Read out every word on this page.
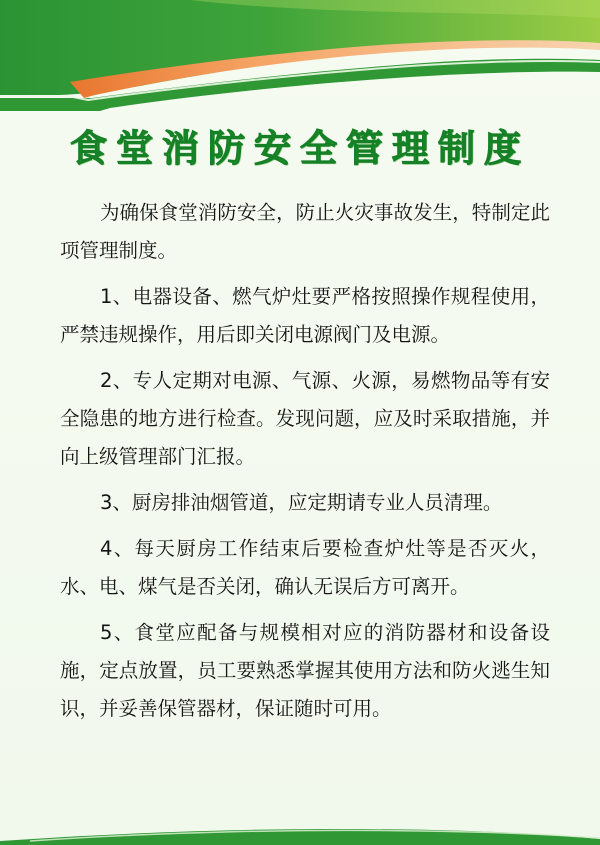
食堂消防安全管理制度

为确保食堂消防安全，防止火灾事故发生，特制定此项管理制度。

1、电器设备、燃气炉灶要严格按照操作规程使用，严禁违规操作，用后即关闭电源阀门及电源。

2、专人定期对电源、气源、火源，易燃物品等有安全隐患的地方进行检查。发现问题，应及时采取措施，并向上级管理部门汇报。

3、厨房排油烟管道，应定期请专业人员清理。

4、每天厨房工作结束后要检查炉灶等是否灭火，水、电、煤气是否关闭，确认无误后方可离开。

5、食堂应配备与规模相对应的消防器材和设备设施，定点放置，员工要熟悉掌握其使用方法和防火逃生知识，并妥善保管器材，保证随时可用。
